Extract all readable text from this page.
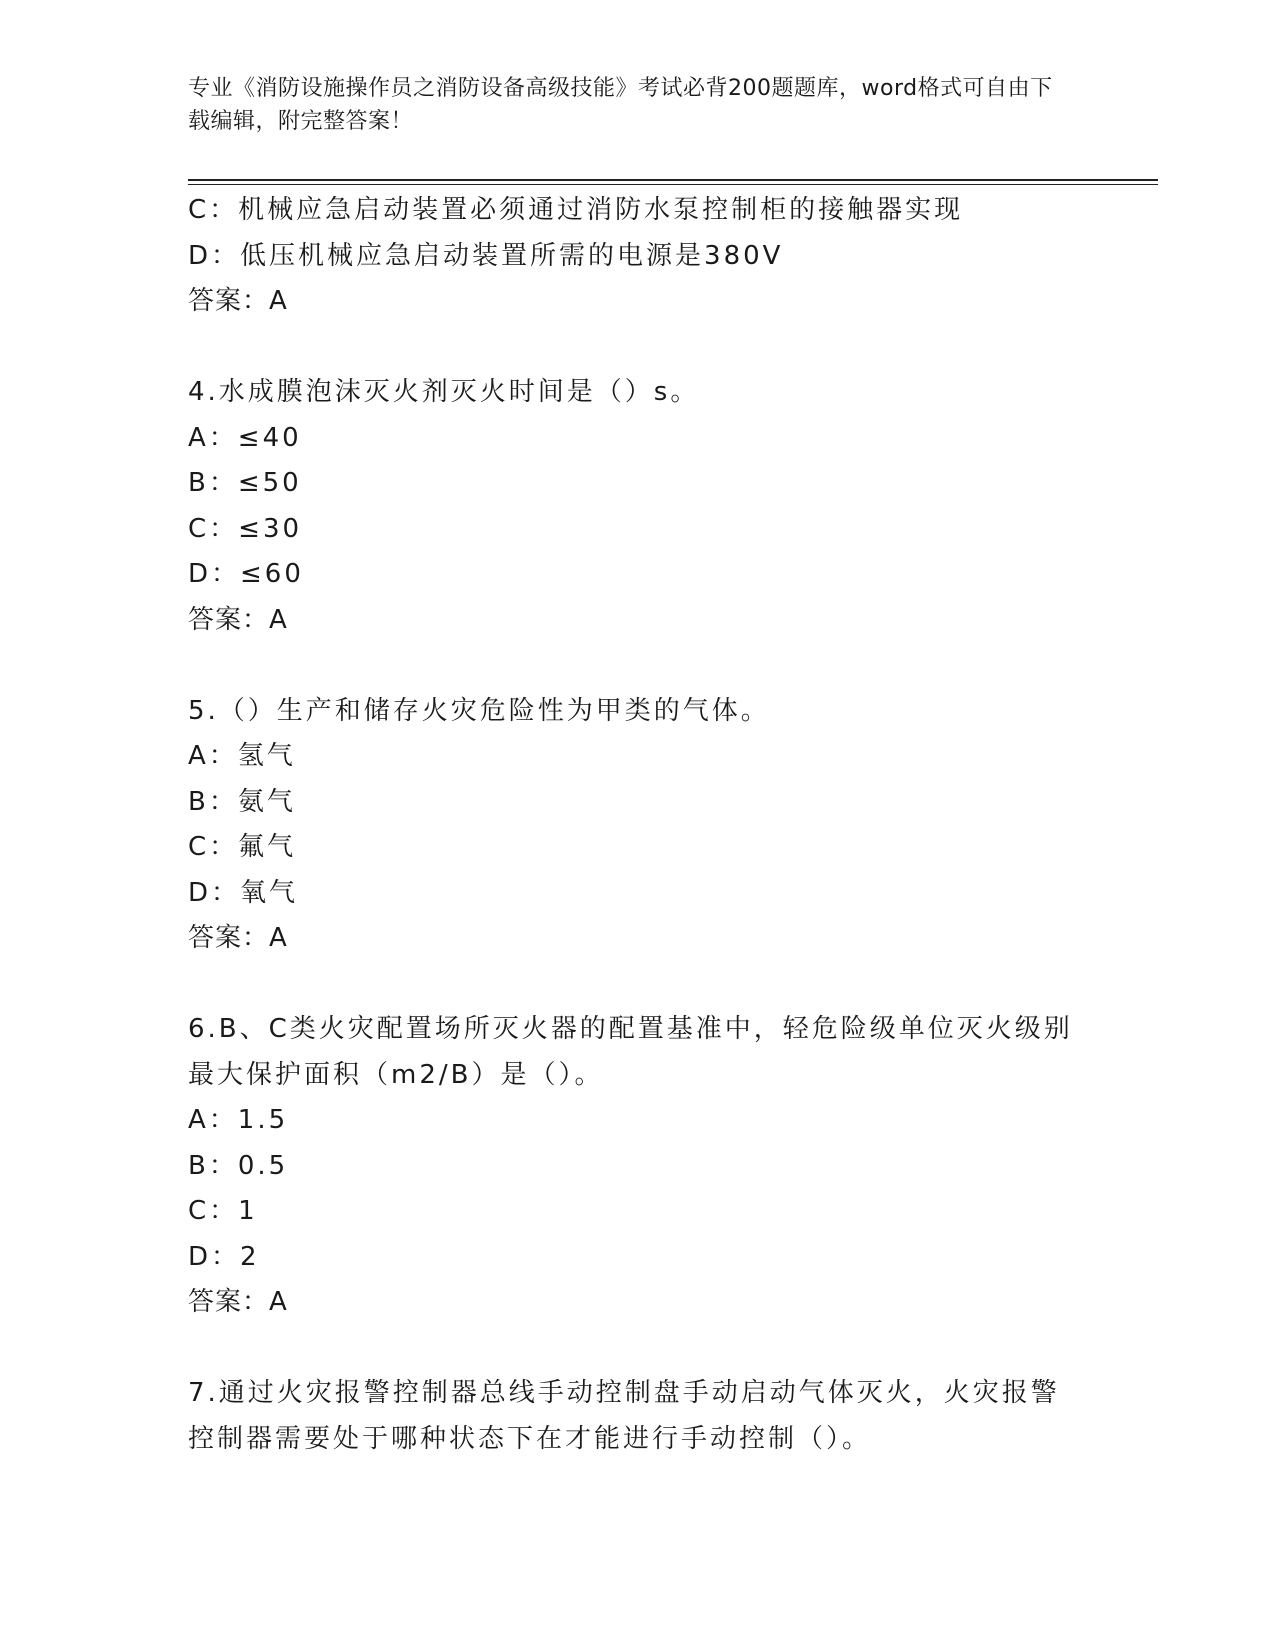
专业《消防设施操作员之消防设备高级技能》考试必背200题题库，word格式可自由下载编辑，附完整答案！
C：机械应急启动装置必须通过消防水泵控制柜的接触器实现
D：低压机械应急启动装置所需的电源是380V
答案：A
4.水成膜泡沫灭火剂灭火时间是（）s。
A：≤40
B：≤50
C：≤30
D：≤60
答案：A
5.（）生产和储存火灾危险性为甲类的气体。
A：氢气
B：氨气
C：氟气
D：氧气
答案：A
6.B、C类火灾配置场所灭火器的配置基准中，轻危险级单位灭火级别
最大保护面积（m2/B）是（）。
A：1.5
B：0.5
C：1
D：2
答案：A
7.通过火灾报警控制器总线手动控制盘手动启动气体灭火，火灾报警
控制器需要处于哪种状态下在才能进行手动控制（）。
